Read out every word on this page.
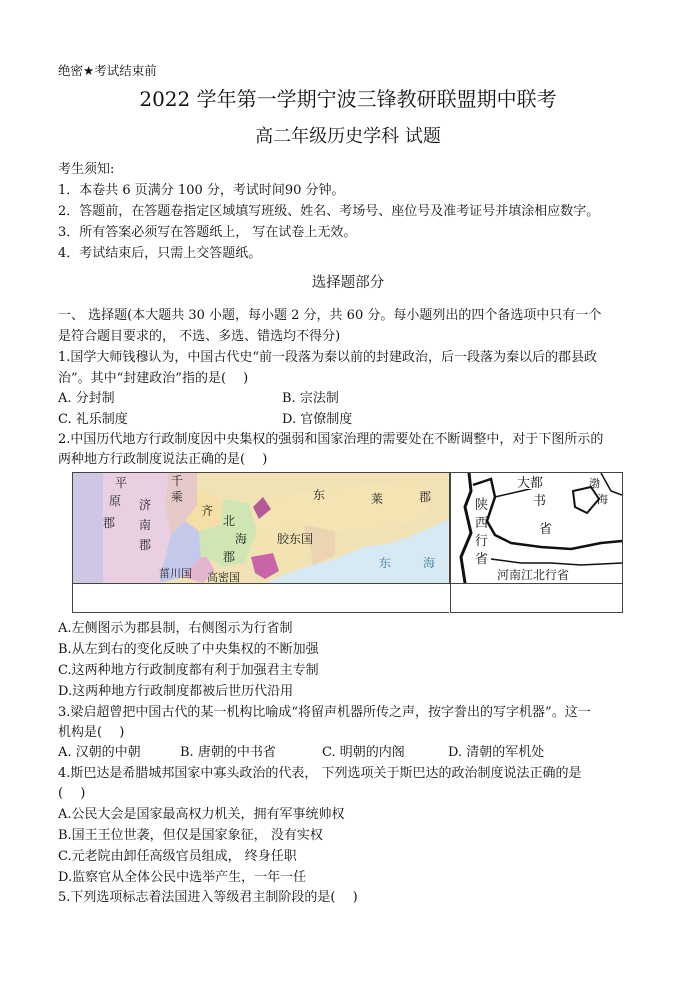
绝密★考试结束前
2022 学年第一学期宁波三锋教研联盟期中联考
高二年级历史学科 试题
考生须知:
1．本卷共 6 页满分 100 分，考试时间90 分钟。
2．答题前，在答题卷指定区域填写班级、姓名、考场号、座位号及准考证号并填涂相应数字。
3．所有答案必须写在答题纸上， 写在试卷上无效。
4．考试结束后，只需上交答题纸。
选择题部分
一、 选择题(本大题共 30 小题，每小题 2 分，共 60 分。每小题列出的四个备选项中只有一个
是符合题目要求的， 不选、多选、错选均不得分)
1.国学大师钱穆认为，中国古代史“前一段落为秦以前的封建政治，后一段落为秦以后的郡县政
治”。其中“封建政治”指的是(　 )
A. 分封制	B. 宗法制
C. 礼乐制度	D. 官僚制度
2.中国历代地方行政制度因中央集权的强弱和国家治理的需要处在不断调整中，对于下图所示的
两种地方行政制度说法正确的是(　 )
平	千
乘
原 济
南
郡
郡
齐
北
海
郡
东	莱	郡
胶东国
菑川国 高密国
东	海
大都
书
省
陕
西
行
省
河南江北行省
渤
海
A.左侧图示为郡县制，右侧图示为行省制
B.从左到右的变化反映了中央集权的不断加强
C.这两种地方行政制度都有利于加强君主专制
D.这两种地方行政制度都被后世历代沿用
3.梁启超曾把中国古代的某一机构比喻成“将留声机器所传之声，按字誊出的写字机器”。这一
机构是(　 )
A. 汉朝的中朝	B. 唐朝的中书省	C. 明朝的内阁	D. 清朝的军机处
4.斯巴达是希腊城邦国家中寡头政治的代表， 下列选项关于斯巴达的政治制度说法正确的是
(　 )
A.公民大会是国家最高权力机关，拥有军事统帅权
B.国王王位世袭，但仅是国家象征， 没有实权
C.元老院由卸任高级官员组成， 终身任职
D.监察官从全体公民中选举产生，一年一任
5.下列选项标志着法国进入等级君主制阶段的是(　 )
